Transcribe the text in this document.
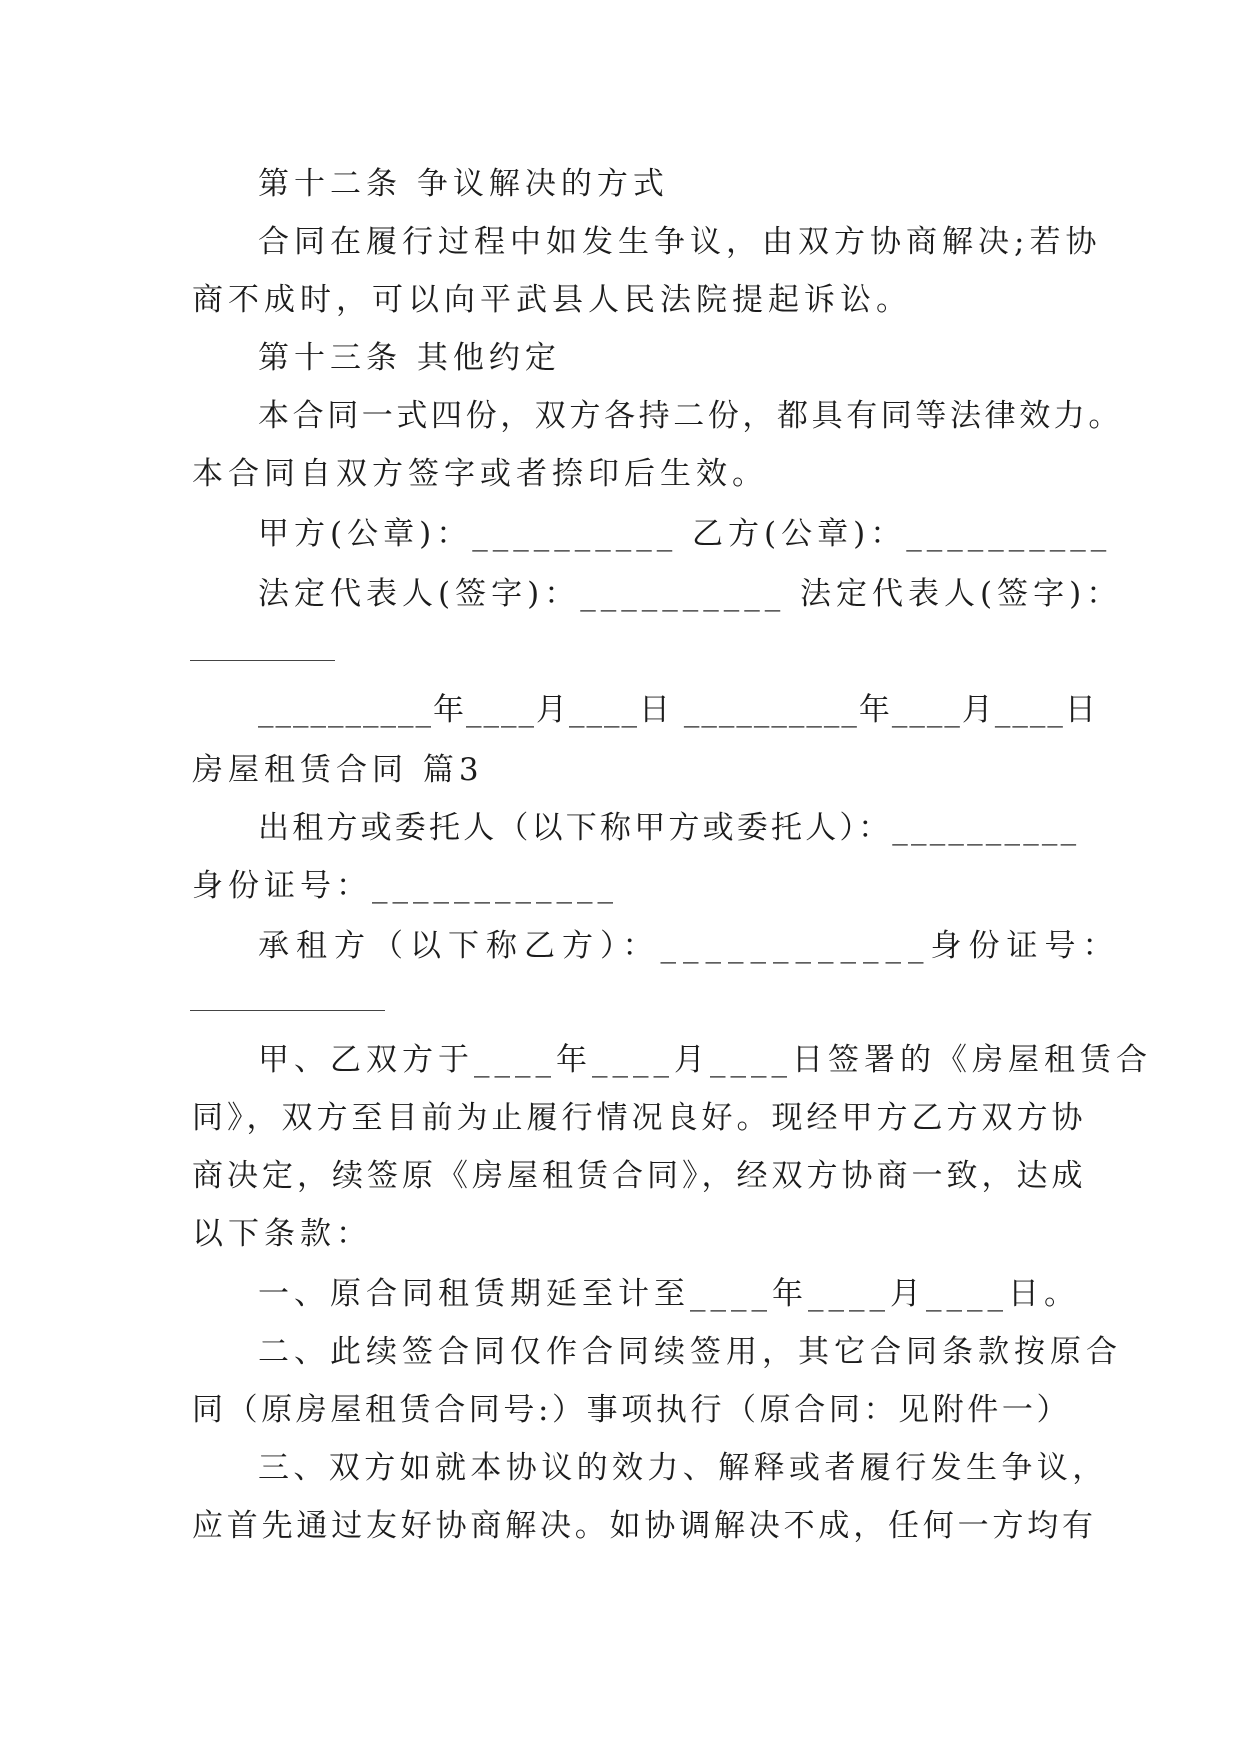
第十二条 争议解决的方式
合同在履行过程中如发生争议，由双方协商解决;若协
商不成时，可以向平武县人民法院提起诉讼。
第十三条 其他约定
本合同一式四份，双方各持二份，都具有同等法律效力。
本合同自双方签字或者捺印后生效。
甲方(公章)：__________ 乙方(公章)：__________
法定代表人(签字)：__________ 法定代表人(签字)：
__________年____月____日 __________年____月____日
房屋租赁合同 篇3
出租方或委托人（以下称甲方或委托人）：__________
身份证号：____________
承租方（以下称乙方）：____________身份证号：
甲、乙双方于____年____月____日签署的《房屋租赁合
同》，双方至目前为止履行情况良好。现经甲方乙方双方协
商决定，续签原《房屋租赁合同》，经双方协商一致，达成
以下条款：
一、原合同租赁期延至计至____年____月____日。
二、此续签合同仅作合同续签用，其它合同条款按原合
同（原房屋租赁合同号:）事项执行（原合同：见附件一）
三、双方如就本协议的效力、解释或者履行发生争议，
应首先通过友好协商解决。如协调解决不成，任何一方均有
